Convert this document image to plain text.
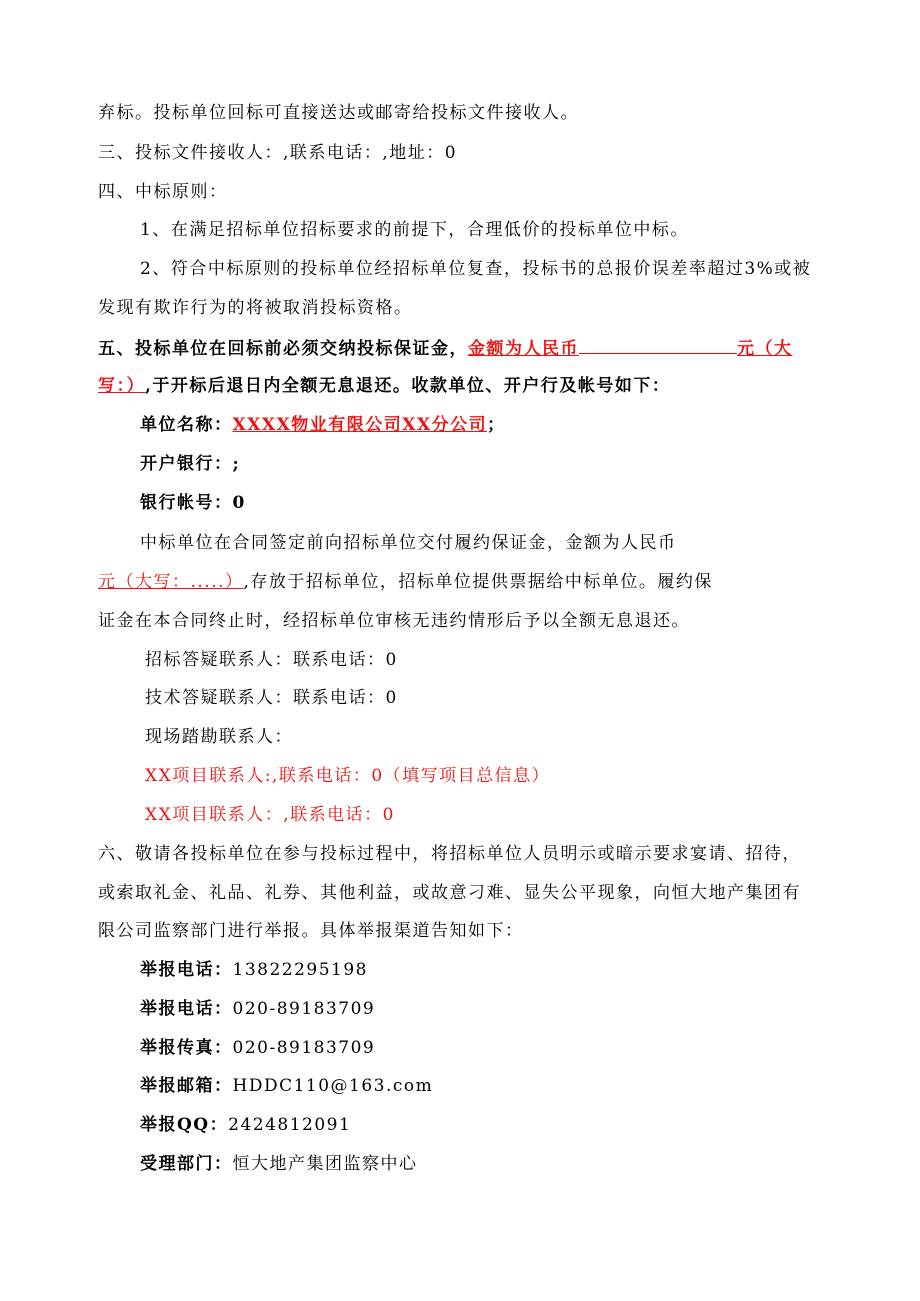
弃标。投标单位回标可直接送达或邮寄给投标文件接收人。
三、投标文件接收人：,联系电话：,地址：0
四、中标原则：
1、在满足招标单位招标要求的前提下，合理低价的投标单位中标。
2、符合中标原则的投标单位经招标单位复查，投标书的总报价误差率超过3%或被
发现有欺诈行为的将被取消投标资格。
五、投标单位在回标前必须交纳投标保证金，金额为人民币	元（大
写：）,于开标后退日内全额无息退还。收款单位、开户行及帐号如下：
单位名称：XXXX物业有限公司XX分公司；
开户银行：;
银行帐号：0
中标单位在合同签定前向招标单位交付履约保证金，金额为人民币
元（大写：.....）,存放于招标单位，招标单位提供票据给中标单位。履约保
证金在本合同终止时，经招标单位审核无违约情形后予以全额无息退还。
招标答疑联系人：联系电话：0
技术答疑联系人：联系电话：0
现场踏勘联系人：
XX项目联系人:,联系电话：0（填写项目总信息）
XX项目联系人：,联系电话：0
六、敬请各投标单位在参与投标过程中，将招标单位人员明示或暗示要求宴请、招待，
或索取礼金、礼品、礼券、其他利益，或故意刁难、显失公平现象，向恒大地产集团有
限公司监察部门进行举报。具体举报渠道告知如下：
举报电话：13822295198
举报电话：020-89183709
举报传真：020-89183709
举报邮箱：HDDC110@163.com
举报QQ：2424812091
受理部门：恒大地产集团监察中心
